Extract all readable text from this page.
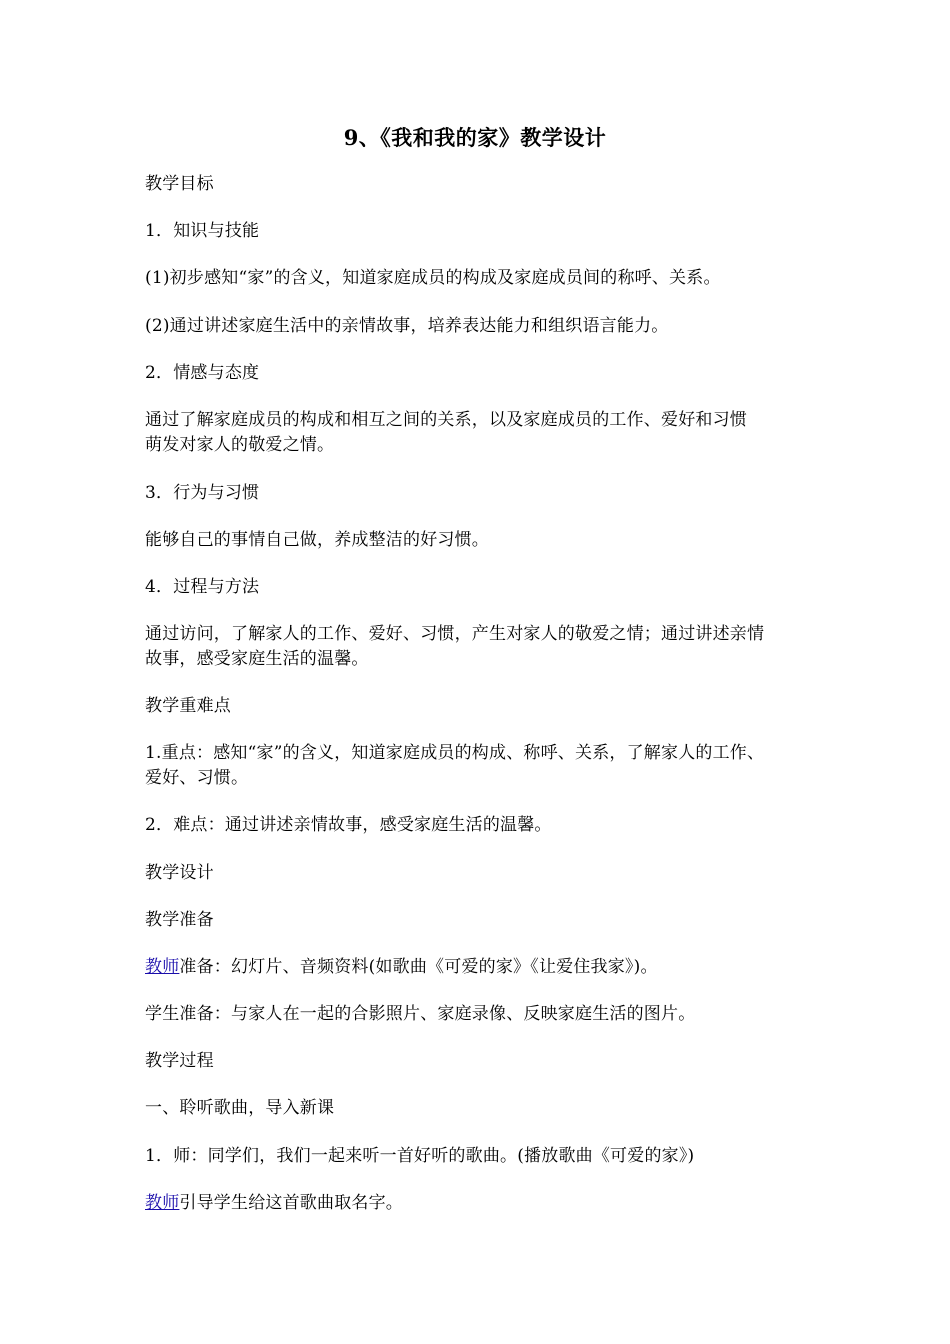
9、《我和我的家》教学设计
教学目标
1．知识与技能
(1)初步感知“家”的含义，知道家庭成员的构成及家庭成员间的称呼、关系。
(2)通过讲述家庭生活中的亲情故事，培养表达能力和组织语言能力。
2．情感与态度
通过了解家庭成员的构成和相互之间的关系，以及家庭成员的工作、爱好和习惯
萌发对家人的敬爱之情。
3．行为与习惯
能够自己的事情自己做，养成整洁的好习惯。
4．过程与方法
通过访问，了解家人的工作、爱好、习惯，产生对家人的敬爱之情；通过讲述亲情
故事，感受家庭生活的温馨。
教学重难点
1.重点：感知“家”的含义，知道家庭成员的构成、称呼、关系，了解家人的工作、
爱好、习惯。
2．难点：通过讲述亲情故事，感受家庭生活的温馨。
教学设计
教学准备
教师准备：幻灯片、音频资料(如歌曲《可爱的家》《让爱住我家》)。
学生准备：与家人在一起的合影照片、家庭录像、反映家庭生活的图片。
教学过程
一、聆听歌曲，导入新课
1．师：同学们，我们一起来听一首好听的歌曲。(播放歌曲《可爱的家》)
教师引导学生给这首歌曲取名字。
